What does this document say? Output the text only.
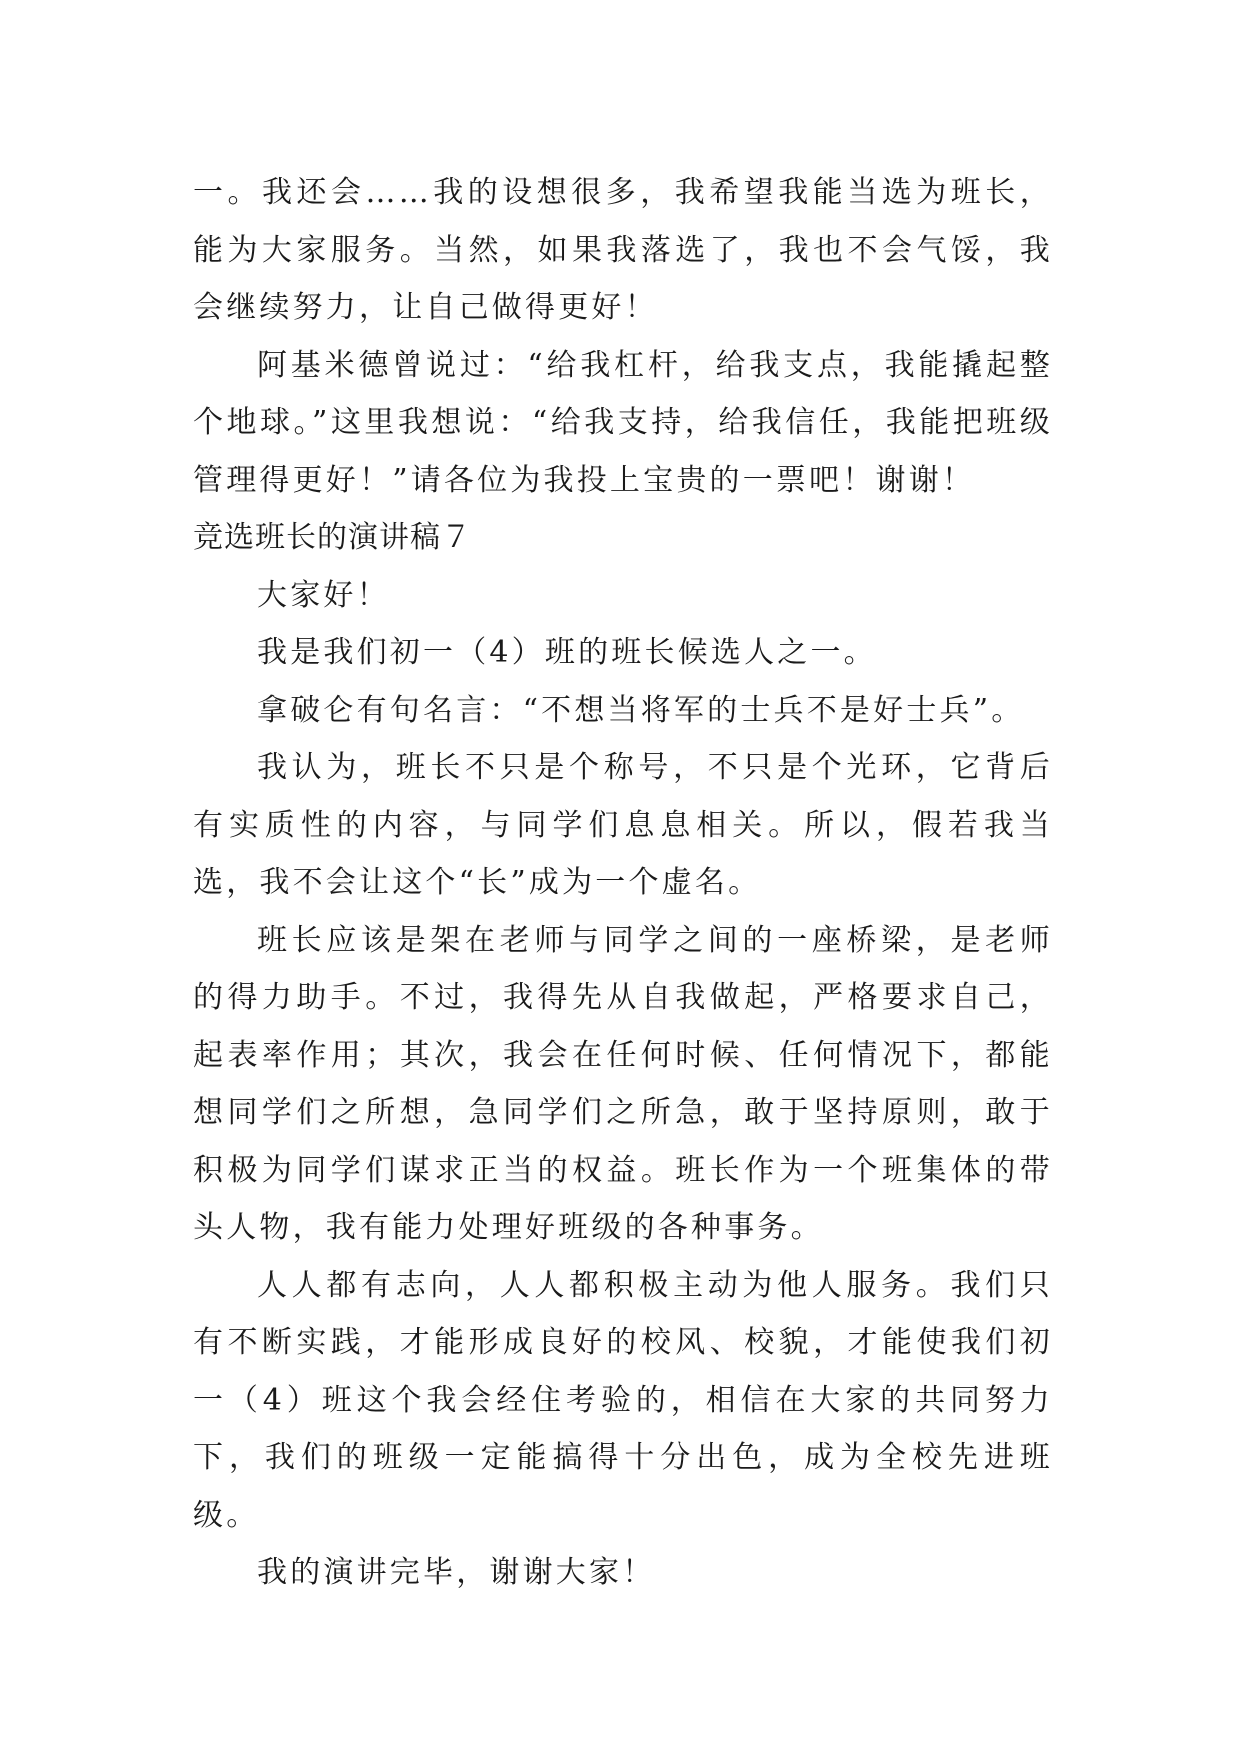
一。我还会……我的设想很多，我希望我能当选为班长，能为大家服务。当然，如果我落选了，我也不会气馁，我会继续努力，让自己做得更好！

阿基米德曾说过：“给我杠杆，给我支点，我能撬起整个地球。”这里我想说：“给我支持，给我信任，我能把班级管理得更好！”请各位为我投上宝贵的一票吧！谢谢！

竞选班长的演讲稿７

大家好！

我是我们初一（4）班的班长候选人之一。

拿破仑有句名言：“不想当将军的士兵不是好士兵”。

我认为，班长不只是个称号，不只是个光环，它背后有实质性的内容，与同学们息息相关。所以，假若我当选，我不会让这个“长”成为一个虚名。

班长应该是架在老师与同学之间的一座桥梁，是老师的得力助手。不过，我得先从自我做起，严格要求自己，起表率作用；其次，我会在任何时候、任何情况下，都能想同学们之所想，急同学们之所急，敢于坚持原则，敢于积极为同学们谋求正当的权益。班长作为一个班集体的带头人物，我有能力处理好班级的各种事务。

人人都有志向，人人都积极主动为他人服务。我们只有不断实践，才能形成良好的校风、校貌，才能使我们初一（4）班这个我会经住考验的，相信在大家的共同努力下，我们的班级一定能搞得十分出色，成为全校先进班级。

我的演讲完毕，谢谢大家！
